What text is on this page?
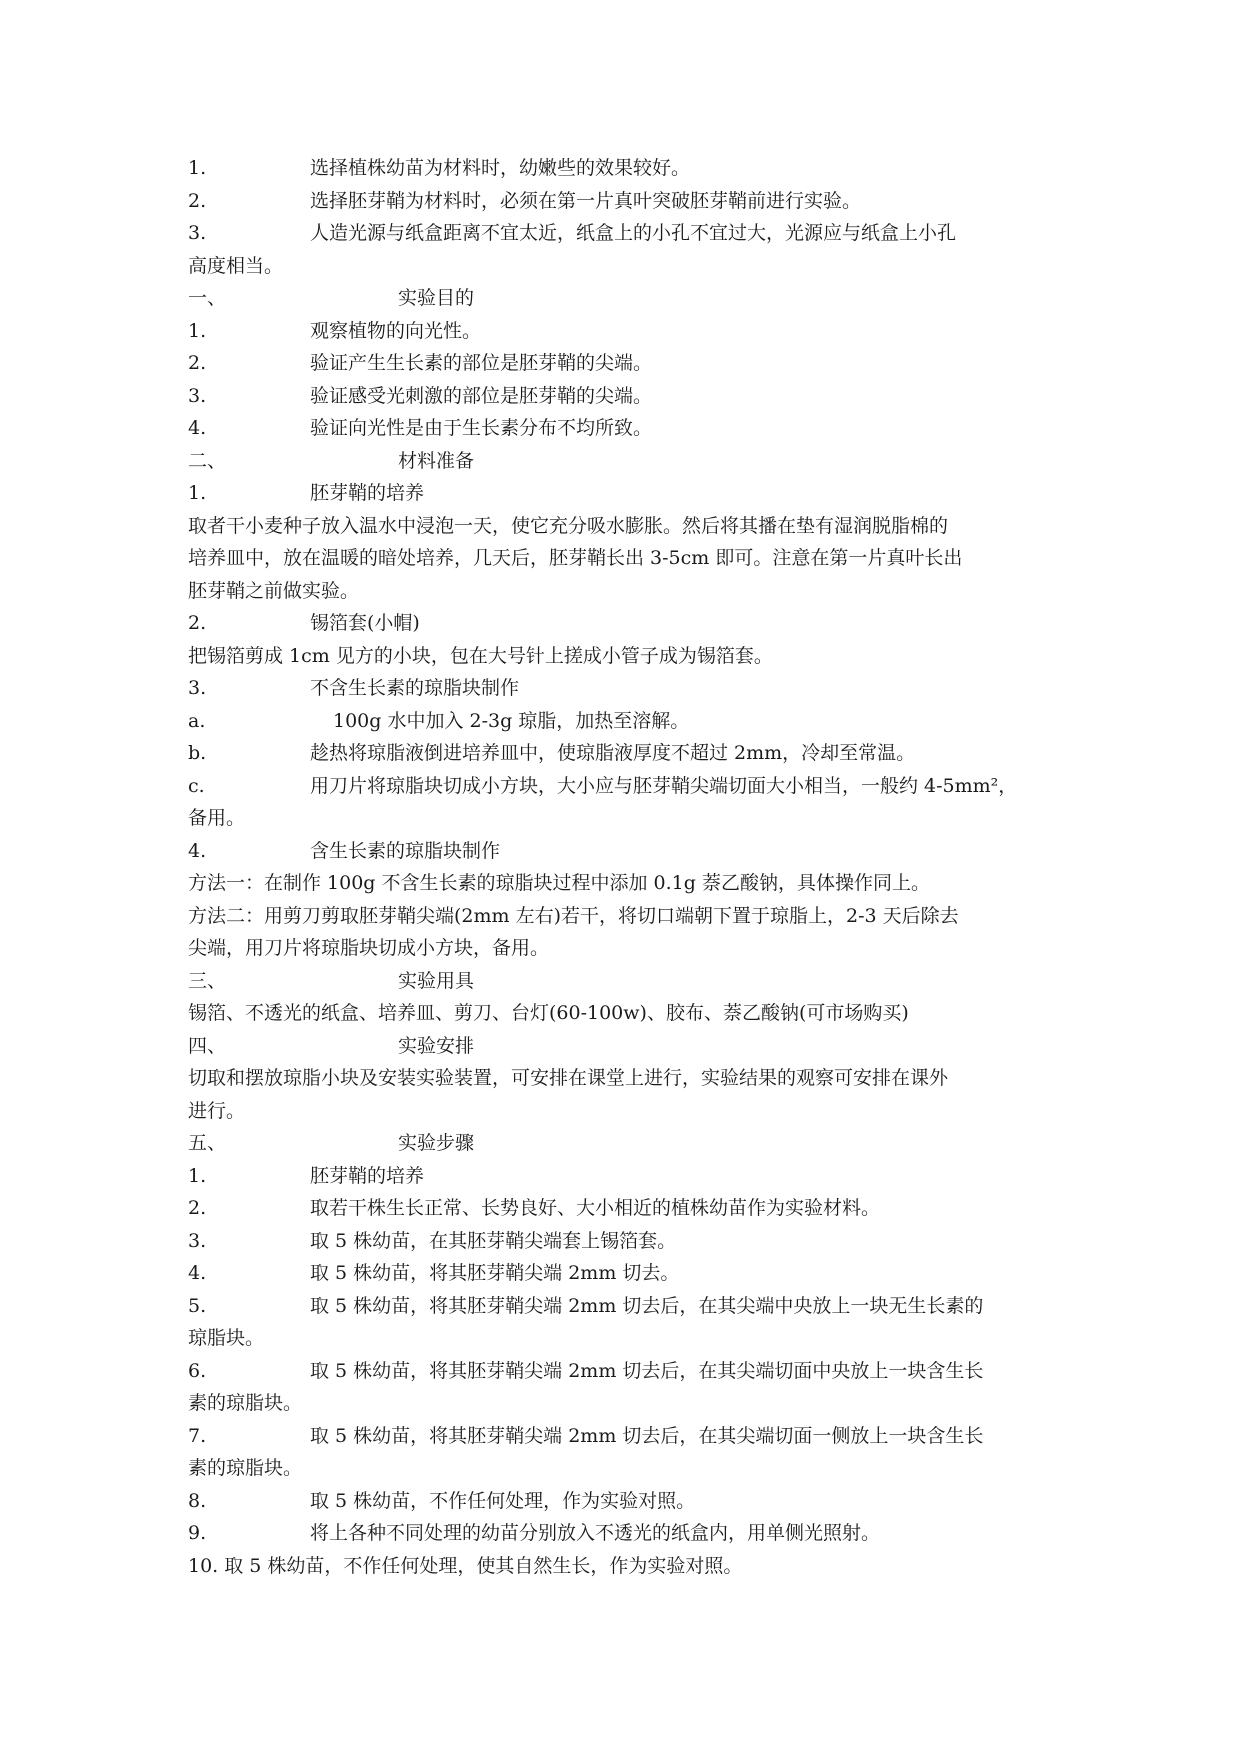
1.	选择植株幼苗为材料时，幼嫩些的效果较好。
2.	选择胚芽鞘为材料时，必须在第一片真叶突破胚芽鞘前进行实验。
3.	人造光源与纸盒距离不宜太近，纸盒上的小孔不宜过大，光源应与纸盒上小孔
高度相当。
一、	实验目的
1.	观察植物的向光性。
2.	验证产生生长素的部位是胚芽鞘的尖端。
3.	验证感受光刺激的部位是胚芽鞘的尖端。
4.	验证向光性是由于生长素分布不均所致。
二、	材料准备
1.	胚芽鞘的培养
取者干小麦种子放入温水中浸泡一天，使它充分吸水膨胀。然后将其播在垫有湿润脱脂棉的
培养皿中，放在温暖的暗处培养，几天后，胚芽鞘长出 3-5cm 即可。注意在第一片真叶长出
胚芽鞘之前做实验。
2.	锡箔套(小帽)
把锡箔剪成 1cm 见方的小块，包在大号针上搓成小管子成为锡箔套。
3.	不含生长素的琼脂块制作
a.	100g 水中加入 2-3g 琼脂，加热至溶解。
b.	趁热将琼脂液倒进培养皿中，使琼脂液厚度不超过 2mm，冷却至常温。
c.	用刀片将琼脂块切成小方块，大小应与胚芽鞘尖端切面大小相当，一般约 4-5mm²，
备用。
4.	含生长素的琼脂块制作
方法一：在制作 100g 不含生长素的琼脂块过程中添加 0.1g 萘乙酸钠，具体操作同上。
方法二：用剪刀剪取胚芽鞘尖端(2mm 左右)若干，将切口端朝下置于琼脂上，2-3 天后除去
尖端，用刀片将琼脂块切成小方块，备用。
三、	实验用具
锡箔、不透光的纸盒、培养皿、剪刀、台灯(60-100w)、胶布、萘乙酸钠(可市场购买)
四、	实验安排
切取和摆放琼脂小块及安装实验装置，可安排在课堂上进行，实验结果的观察可安排在课外
进行。
五、	实验步骤
1.	胚芽鞘的培养
2.	取若干株生长正常、长势良好、大小相近的植株幼苗作为实验材料。
3.	取 5 株幼苗，在其胚芽鞘尖端套上锡箔套。
4.	取 5 株幼苗，将其胚芽鞘尖端 2mm 切去。
5.	取 5 株幼苗，将其胚芽鞘尖端 2mm 切去后，在其尖端中央放上一块无生长素的
琼脂块。
6.	取 5 株幼苗，将其胚芽鞘尖端 2mm 切去后，在其尖端切面中央放上一块含生长
素的琼脂块。
7.	取 5 株幼苗，将其胚芽鞘尖端 2mm 切去后，在其尖端切面一侧放上一块含生长
素的琼脂块。
8.	取 5 株幼苗，不作任何处理，作为实验对照。
9.	将上各种不同处理的幼苗分别放入不透光的纸盒内，用单侧光照射。
10. 取 5 株幼苗，不作任何处理，使其自然生长，作为实验对照。
